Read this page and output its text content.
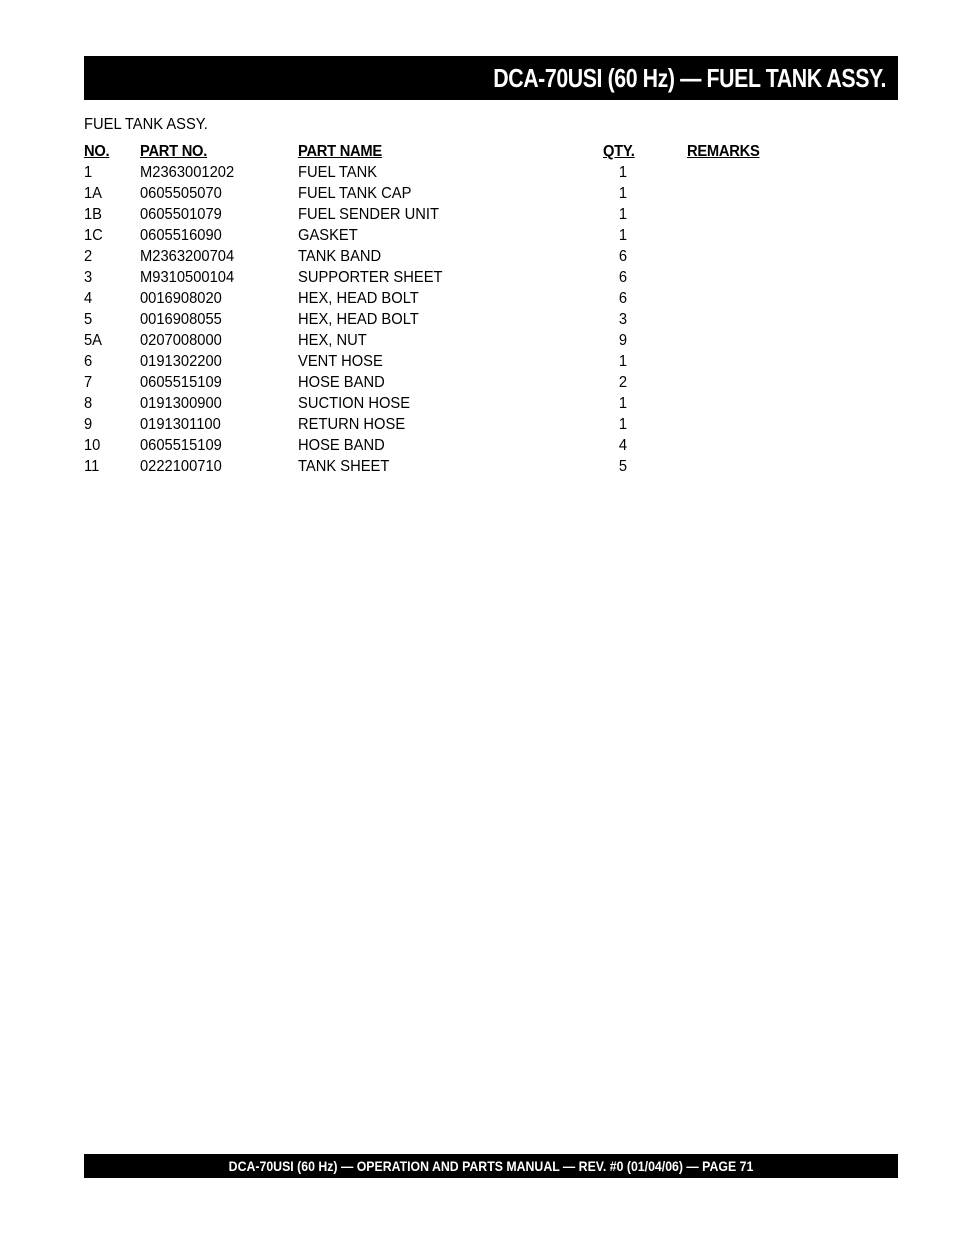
DCA-70USI (60 Hz) — FUEL TANK ASSY.
FUEL TANK ASSY.
NO. PART NO.	PART NAME	QTY.	REMARKS
1	M2363001202	FUEL TANK	1
1A 0605505070	FUEL TANK CAP	1
1B 0605501079	FUEL SENDER UNIT	1
1C 0605516090	GASKET	1
2	M2363200704	TANK BAND	6
3	M9310500104	SUPPORTER SHEET	6
4	0016908020	HEX, HEAD BOLT	6
5	0016908055	HEX, HEAD BOLT	3
5A 0207008000	HEX, NUT	9
6	0191302200	VENT HOSE	1
7	0605515109	HOSE BAND	2
8	0191300900	SUCTION HOSE	1
9	0191301100	RETURN HOSE	1
10 0605515109	HOSE BAND	4
11	0222100710	TANK SHEET	5
DCA-70USI (60 Hz) — OPERATION AND PARTS MANUAL — REV. #0 (01/04/06) — PAGE 71
